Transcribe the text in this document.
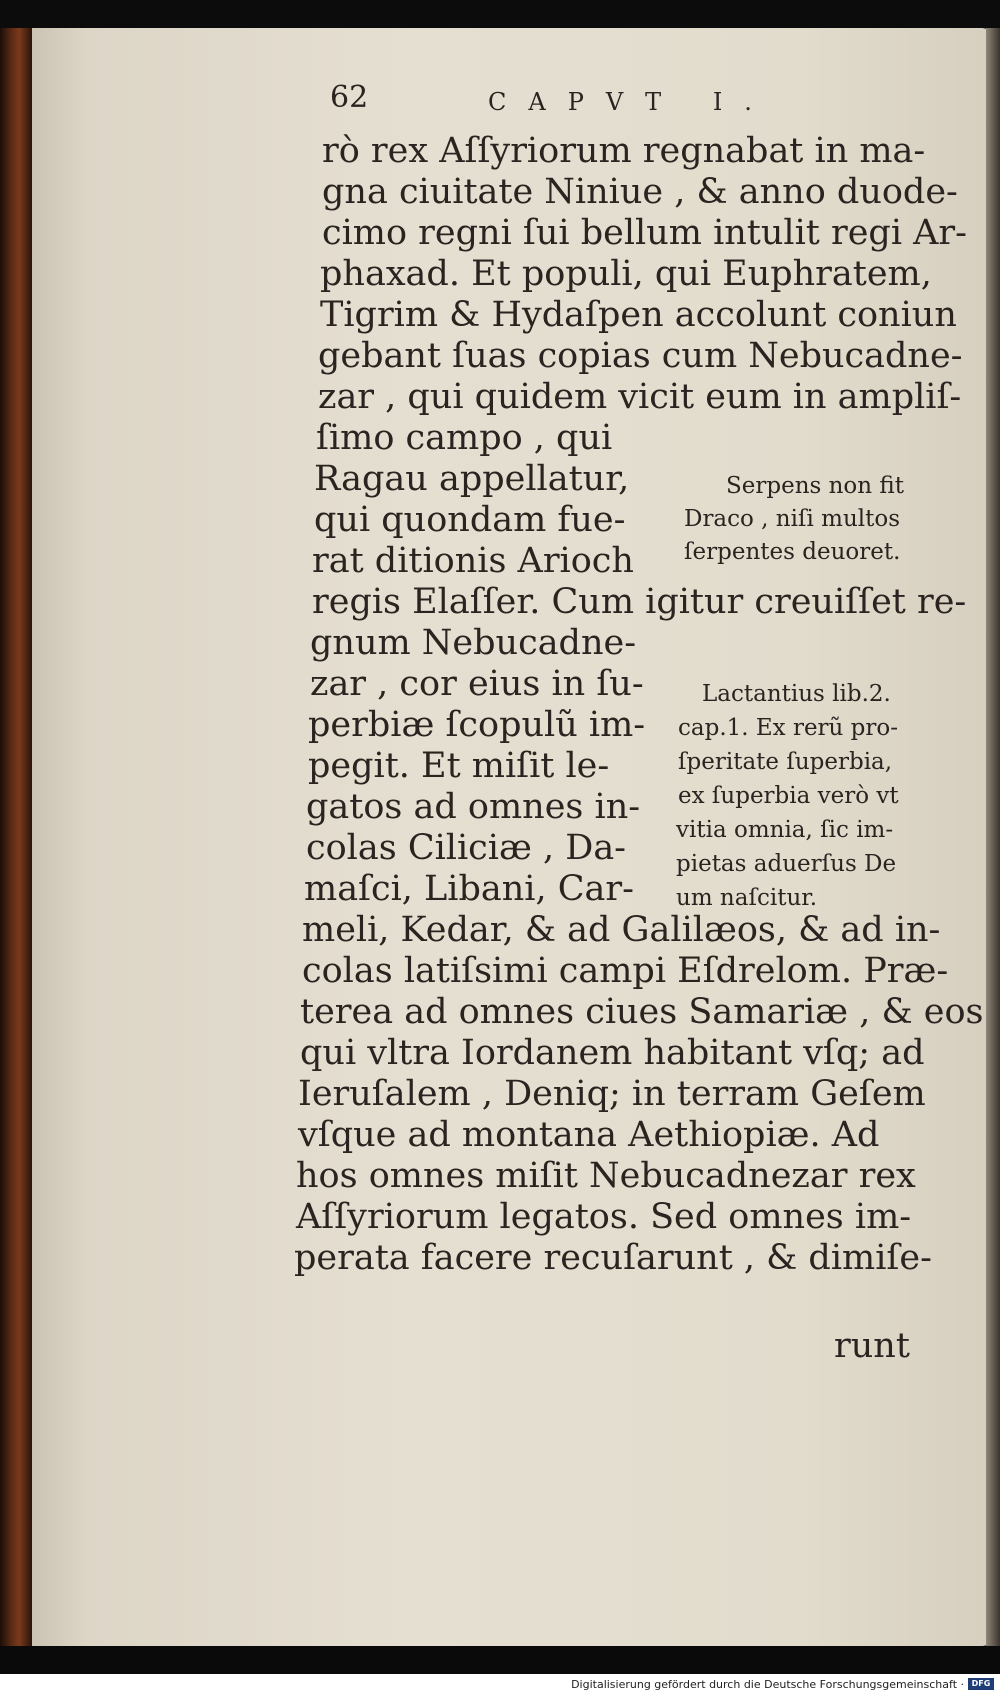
62	CAPVT I.
rò rex Aſſyriorum regnabat in ma-
gna ciuitate Niniue , & anno duode-
cimo regni ſui bellum intulit regi Ar-
phaxad. Et populi, qui Euphratem,
Tigrim & Hydaſpen accolunt coniun
gebant ſuas copias cum Nebucadne-
zar , qui quidem vicit eum in ampliſ-
ſimo campo , qui
Ragau appellatur,
qui quondam fue-
rat ditionis Arioch
regis Elaſſer. Cum igitur creuiſſet re-
gnum Nebucadne-
zar , cor eius in ſu-
perbiæ ſcopulũ im-
pegit. Et miſit le-
gatos ad omnes in-
colas Ciliciæ , Da-
maſci, Libani, Car-
meli, Kedar, & ad Galilæos, & ad in-
colas latiſsimi campi Eſdrelom. Præ-
terea ad omnes ciues Samariæ , & eos
qui vltra Iordanem habitant vſq; ad
Ieruſalem , Deniq; in terram Geſem
vſque ad montana Aethiopiæ. Ad
hos omnes miſit Nebucadnezar rex
Aſſyriorum legatos. Sed omnes im-
perata facere recuſarunt , & dimiſe-
runt
Serpens non fit
Draco , niſi multos
ſerpentes deuoret.
Lactantius lib.2.
cap.1. Ex rerũ pro-
ſperitate ſuperbia,
ex ſuperbia verò vt
vitia omnia, ſic im-
pietas aduerſus De
um naſcitur.
Digitalisierung gefördert durch die Deutsche Forschungsgemeinschaft · DFG
